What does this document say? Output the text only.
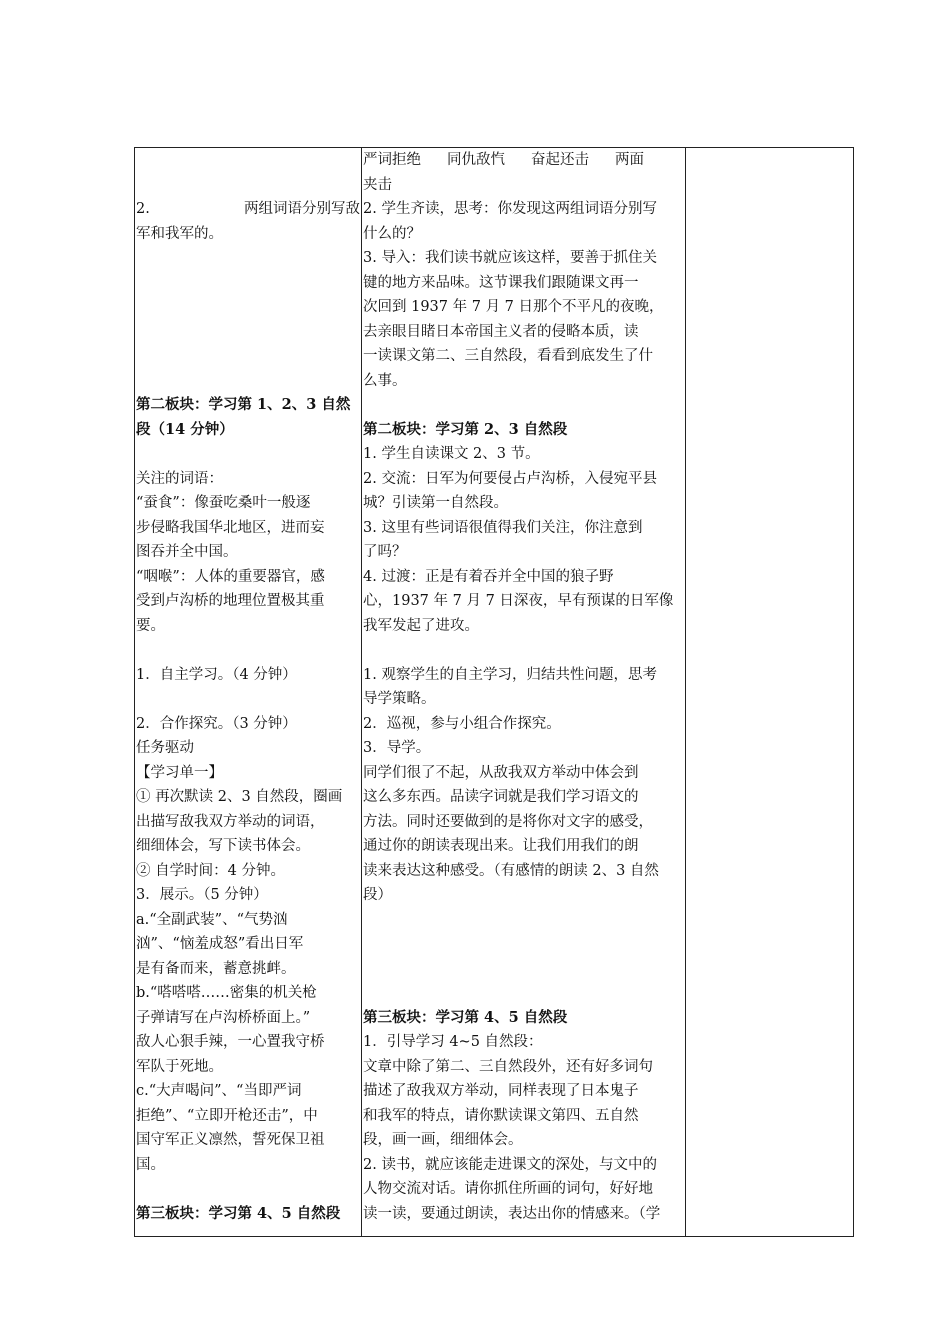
2.	两组词语分别写敌
军和我军的。
第二板块：学习第 1、2、3 自然
段（14 分钟）
关注的词语：
“蚕食”：像蚕吃桑叶一般逐
步侵略我国华北地区，进而妄
图吞并全中国。
“咽喉”：人体的重要器官，感
受到卢沟桥的地理位置极其重
要。
1．自主学习。（4 分钟）
2．合作探究。（3 分钟）
任务驱动
【学习单一】
① 再次默读 2、3 自然段，圈画
出描写敌我双方举动的词语，
细细体会，写下读书体会。
② 自学时间：4 分钟。
3．展示。（5 分钟）
a.“全副武装”、“气势汹
汹”、“恼羞成怒”看出日军
是有备而来，蓄意挑衅。
b.“嗒嗒嗒……密集的机关枪
子弹请写在卢沟桥桥面上。”
敌人心狠手辣，一心置我守桥
军队于死地。
c.“大声喝问”、“当即严词
拒绝”、“立即开枪还击”，中
国守军正义凛然，誓死保卫祖
国。
第三板块：学习第 4、5 自然段
严词拒绝 同仇敌忾 奋起还击 两面
夹击
2. 学生齐读，思考：你发现这两组词语分别写
什么的？
3. 导入：我们读书就应该这样，要善于抓住关
键的地方来品味。这节课我们跟随课文再一
次回到 1937 年 7 月 7 日那个不平凡的夜晚，
去亲眼目睹日本帝国主义者的侵略本质，读
一读课文第二、三自然段，看看到底发生了什
么事。
第二板块：学习第 2、3 自然段
1. 学生自读课文 2、3 节。
2. 交流：日军为何要侵占卢沟桥，入侵宛平县
城？引读第一自然段。
3. 这里有些词语很值得我们关注，你注意到
了吗？
4. 过渡：正是有着吞并全中国的狼子野
心，1937 年 7 月 7 日深夜，早有预谋的日军像
我军发起了进攻。
1. 观察学生的自主学习，归结共性问题，思考
导学策略。
2．巡视，参与小组合作探究。
3．导学。
同学们很了不起，从敌我双方举动中体会到
这么多东西。品读字词就是我们学习语文的
方法。同时还要做到的是将你对文字的感受，
通过你的朗读表现出来。让我们用我们的朗
读来表达这种感受。（有感情的朗读 2、3 自然
段）
第三板块：学习第 4、5 自然段
1．引导学习 4~5 自然段：
文章中除了第二、三自然段外，还有好多词句
描述了敌我双方举动，同样表现了日本鬼子
和我军的特点，请你默读课文第四、五自然
段，画一画，细细体会。
2. 读书，就应该能走进课文的深处，与文中的
人物交流对话。请你抓住所画的词句，好好地
读一读，要通过朗读，表达出你的情感来。（学
